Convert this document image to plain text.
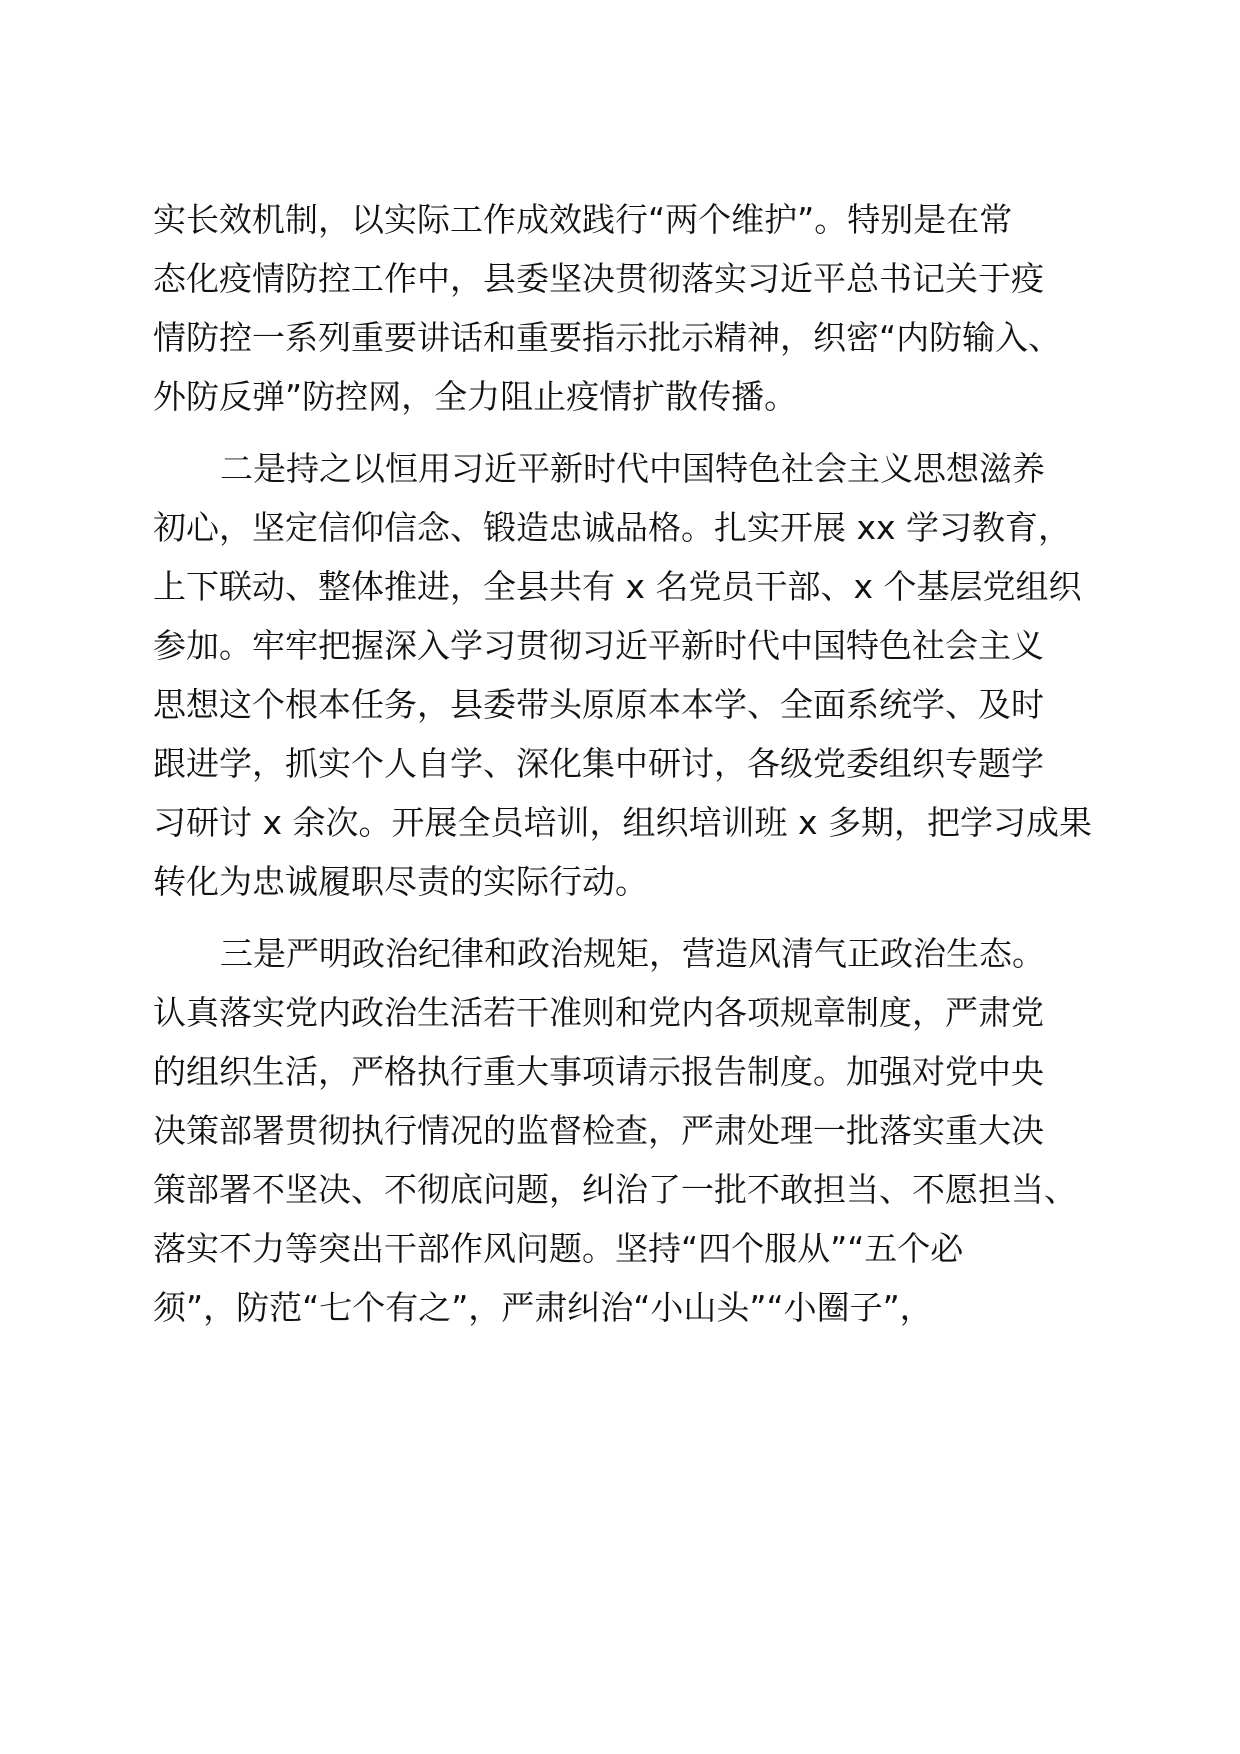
实长效机制，以实际工作成效践行“两个维护”。特别是在常
态化疫情防控工作中，县委坚决贯彻落实习近平总书记关于疫
情防控一系列重要讲话和重要指示批示精神，织密“内防输入、
外防反弹”防控网，全力阻止疫情扩散传播。
二是持之以恒用习近平新时代中国特色社会主义思想滋养
初心，坚定信仰信念、锻造忠诚品格。扎实开展 xx 学习教育，
上下联动、整体推进，全县共有 x 名党员干部、x 个基层党组织
参加。牢牢把握深入学习贯彻习近平新时代中国特色社会主义
思想这个根本任务，县委带头原原本本学、全面系统学、及时
跟进学，抓实个人自学、深化集中研讨，各级党委组织专题学
习研讨 x 余次。开展全员培训，组织培训班 x 多期，把学习成果
转化为忠诚履职尽责的实际行动。
三是严明政治纪律和政治规矩，营造风清气正政治生态。
认真落实党内政治生活若干准则和党内各项规章制度，严肃党
的组织生活，严格执行重大事项请示报告制度。加强对党中央
决策部署贯彻执行情况的监督检查，严肃处理一批落实重大决
策部署不坚决、不彻底问题，纠治了一批不敢担当、不愿担当、
落实不力等突出干部作风问题。坚持“四个服从”“五个必
须”，防范“七个有之”，严肃纠治“小山头”“小圈子”，
